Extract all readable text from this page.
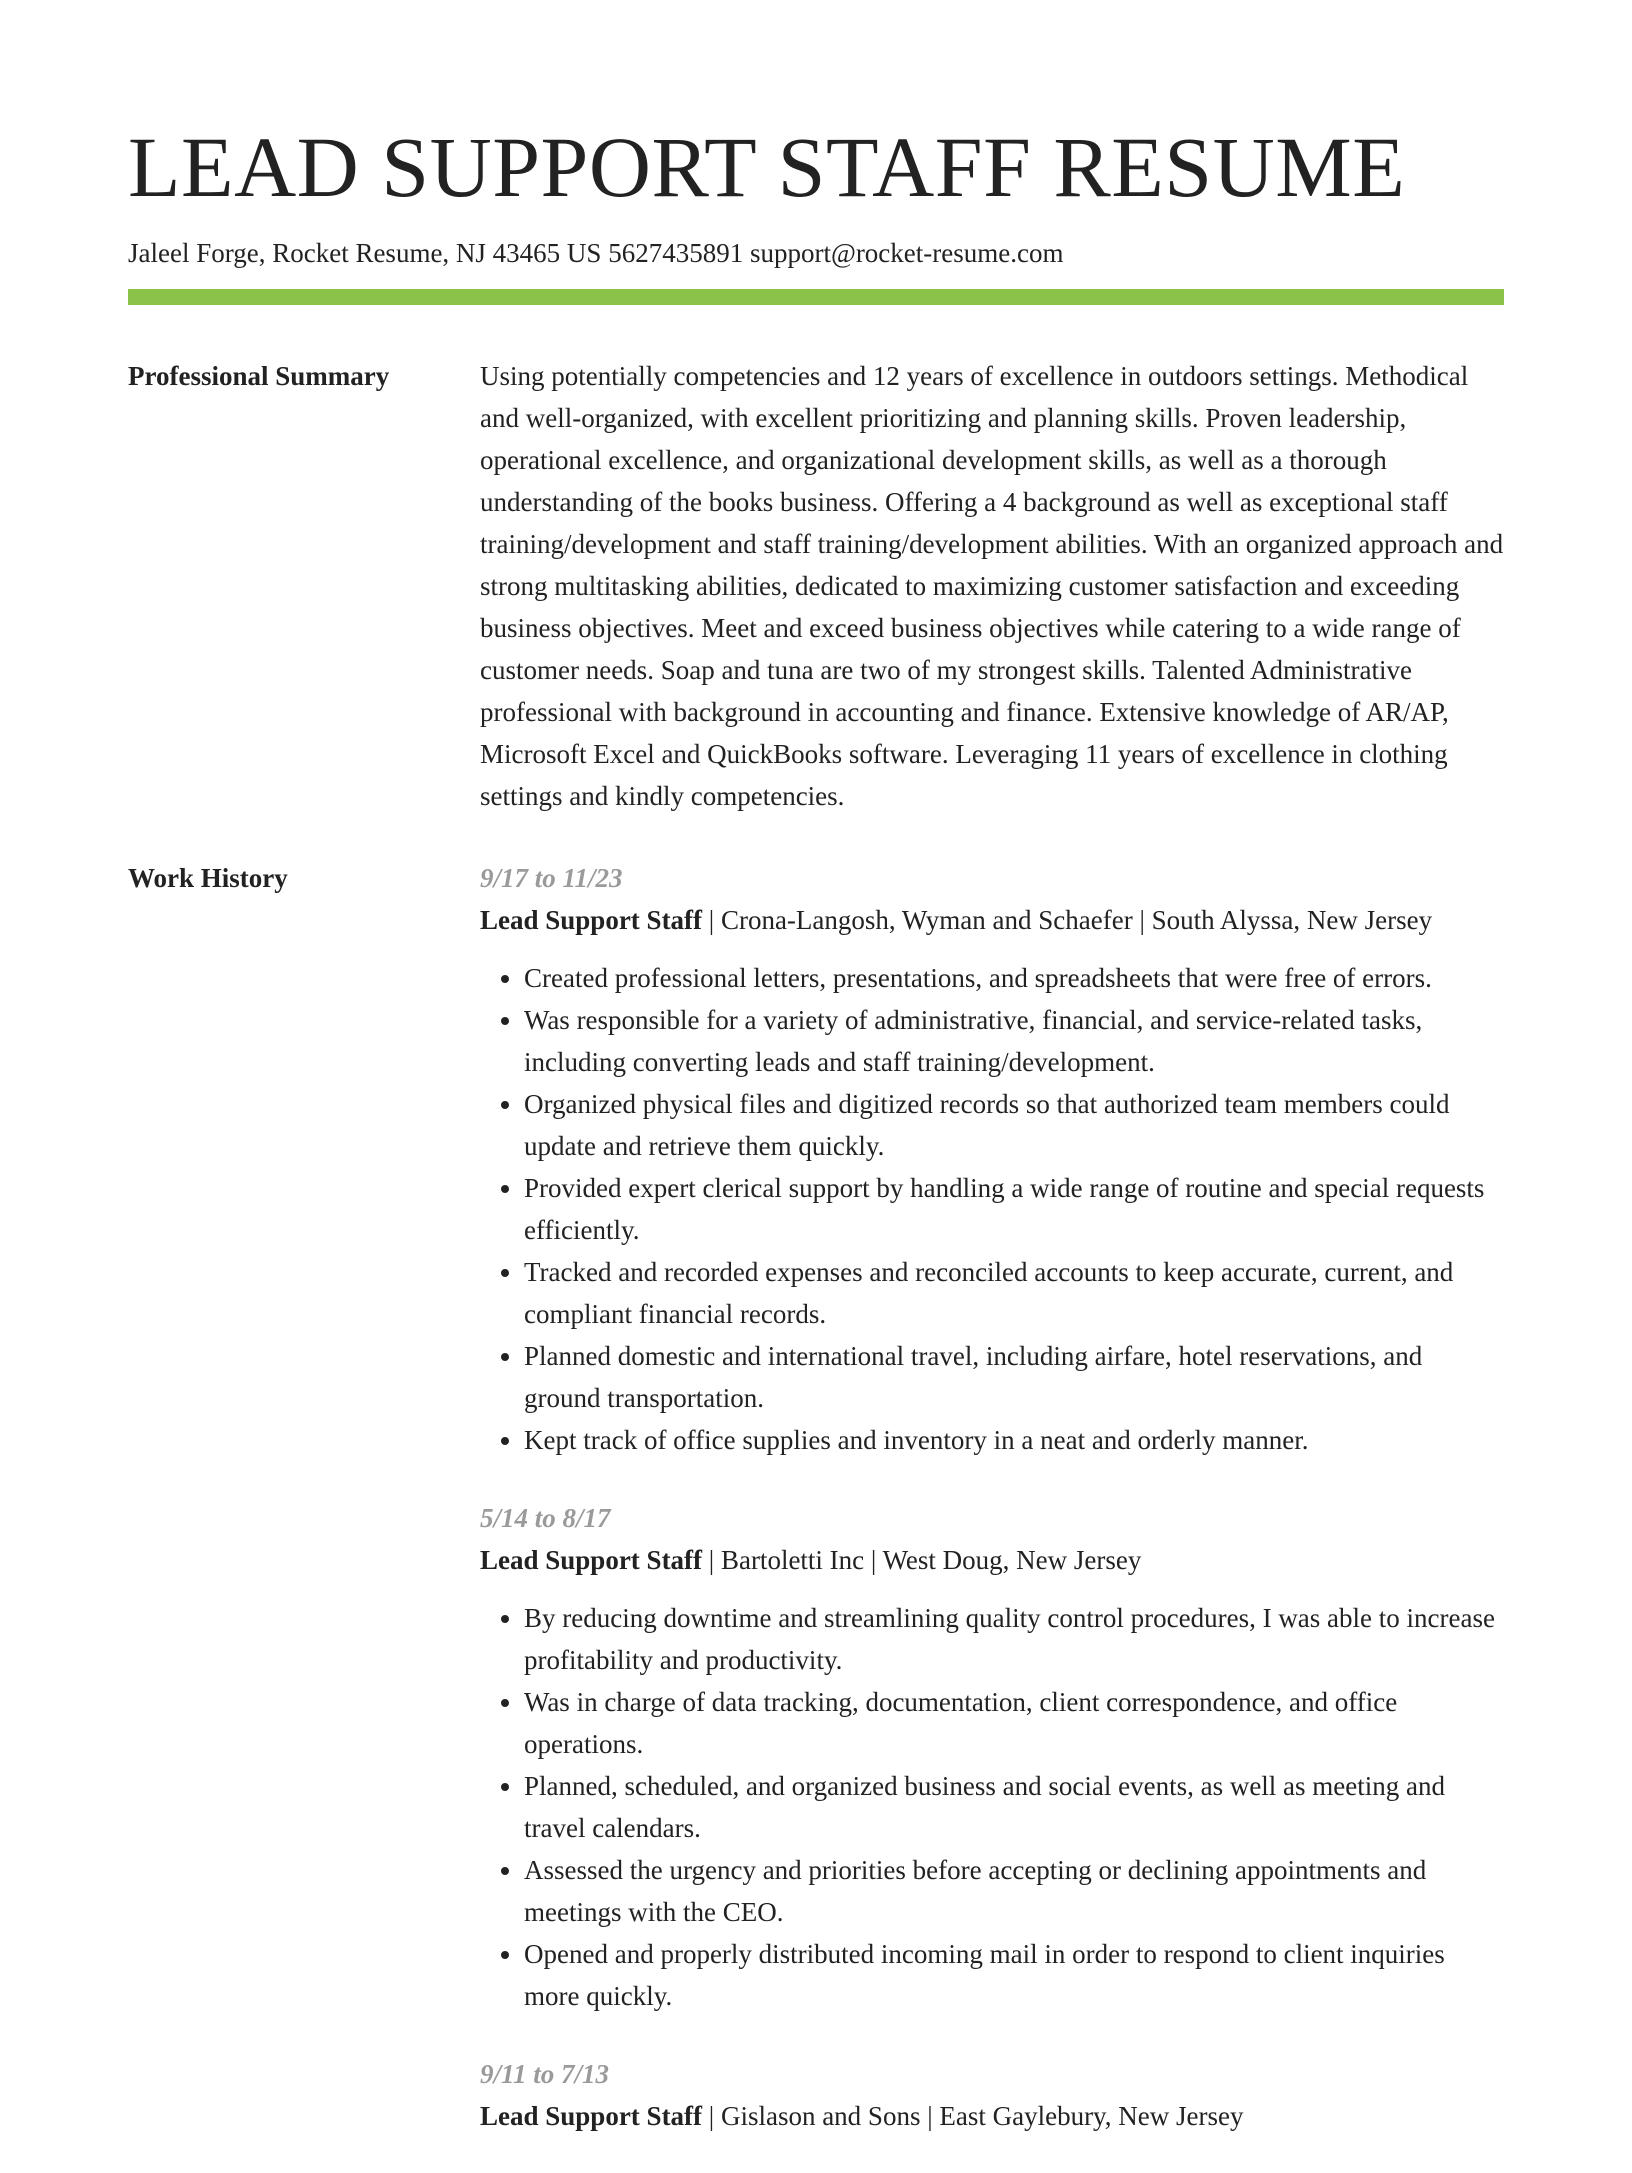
LEAD SUPPORT STAFF RESUME
Jaleel Forge, Rocket Resume, NJ 43465 US 5627435891 support@rocket-resume.com
Professional Summary	Using potentially competencies and 12 years of excellence in outdoors settings. Methodical and well-organized, with excellent prioritizing and planning skills. Proven leadership, operational excellence, and organizational development skills, as well as a thorough understanding of the books business. Offering a 4 background as well as exceptional staff training/development and staff training/development abilities. With an organized approach and strong multitasking abilities, dedicated to maximizing customer satisfaction and exceeding business objectives. Meet and exceed business objectives while catering to a wide range of customer needs. Soap and tuna are two of my strongest skills. Talented Administrative professional with background in accounting and finance. Extensive knowledge of AR/AP, Microsoft Excel and QuickBooks software. Leveraging 11 years of excellence in clothing settings and kindly competencies.

Work History	9/17 to 11/23
Lead Support Staff | Crona-Langosh, Wyman and Schaefer | South Alyssa, New Jersey
• Created professional letters, presentations, and spreadsheets that were free of errors.
• Was responsible for a variety of administrative, financial, and service-related tasks, including converting leads and staff training/development.
• Organized physical files and digitized records so that authorized team members could update and retrieve them quickly.
• Provided expert clerical support by handling a wide range of routine and special requests efficiently.
• Tracked and recorded expenses and reconciled accounts to keep accurate, current, and compliant financial records.
• Planned domestic and international travel, including airfare, hotel reservations, and ground transportation.
• Kept track of office supplies and inventory in a neat and orderly manner.
5/14 to 8/17
Lead Support Staff | Bartoletti Inc | West Doug, New Jersey
• By reducing downtime and streamlining quality control procedures, I was able to increase profitability and productivity.
• Was in charge of data tracking, documentation, client correspondence, and office operations.
• Planned, scheduled, and organized business and social events, as well as meeting and travel calendars.
• Assessed the urgency and priorities before accepting or declining appointments and meetings with the CEO.
• Opened and properly distributed incoming mail in order to respond to client inquiries more quickly.
9/11 to 7/13
Lead Support Staff | Gislason and Sons | East Gaylebury, New Jersey
